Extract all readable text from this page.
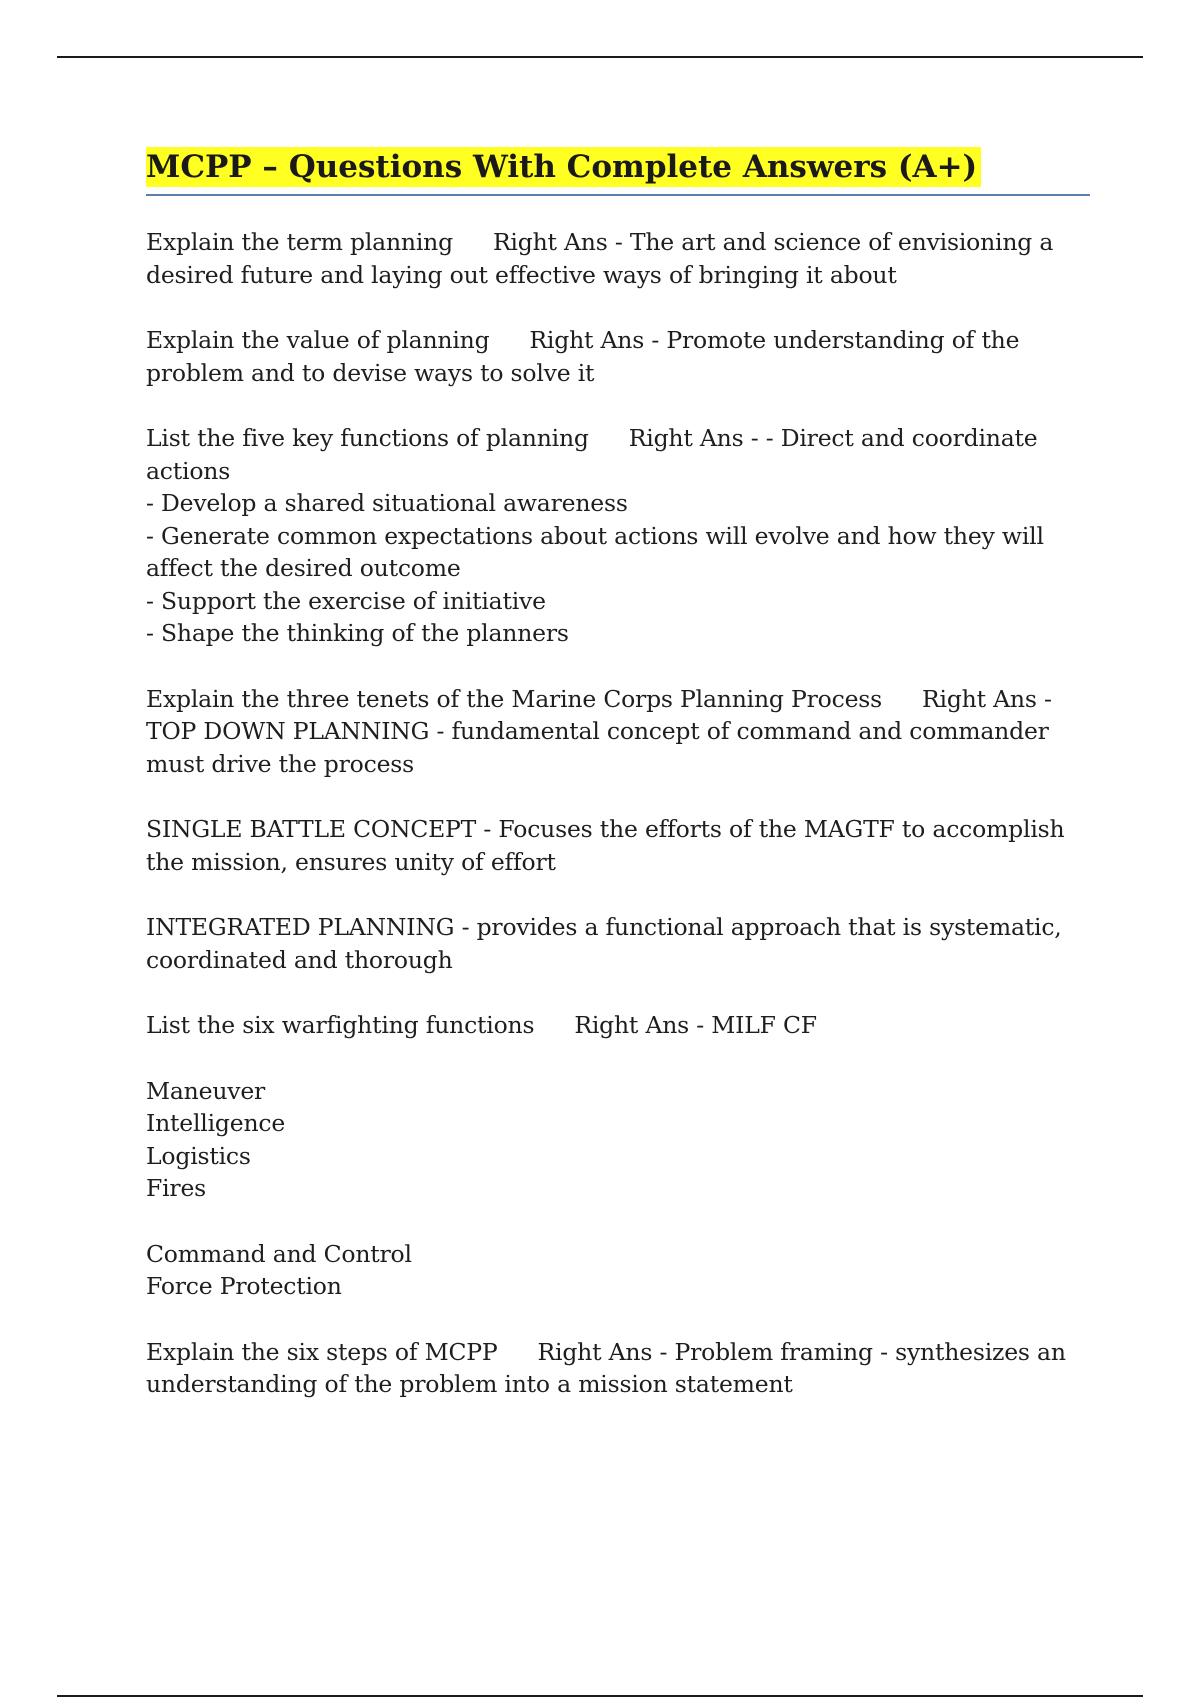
MCPP – Questions With Complete Answers (A+)
Explain the term planning Right Ans - The art and science of envisioning a
desired future and laying out effective ways of bringing it about
Explain the value of planning Right Ans - Promote understanding of the
problem and to devise ways to solve it
List the five key functions of planning Right Ans - - Direct and coordinate
actions
- Develop a shared situational awareness
- Generate common expectations about actions will evolve and how they will
affect the desired outcome
- Support the exercise of initiative
- Shape the thinking of the planners
Explain the three tenets of the Marine Corps Planning Process Right Ans -
TOP DOWN PLANNING - fundamental concept of command and commander
must drive the process
SINGLE BATTLE CONCEPT - Focuses the efforts of the MAGTF to accomplish
the mission, ensures unity of effort
INTEGRATED PLANNING - provides a functional approach that is systematic,
coordinated and thorough
List the six warfighting functions Right Ans - MILF CF
Maneuver
Intelligence
Logistics
Fires
Command and Control
Force Protection
Explain the six steps of MCPP Right Ans - Problem framing - synthesizes an
understanding of the problem into a mission statement
